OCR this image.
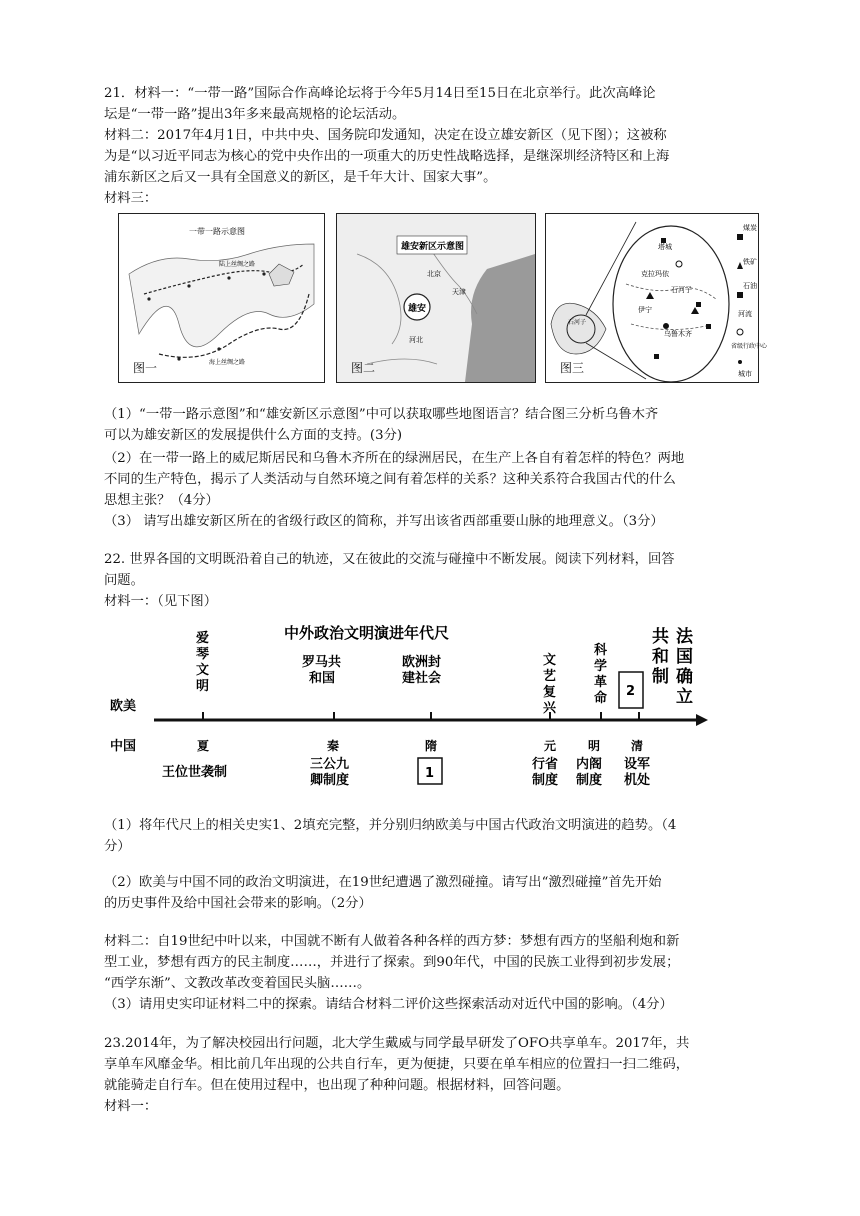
21．材料一：“一带一路”国际合作高峰论坛将于今年5月14日至15日在北京举行。此次高峰论
坛是“一带一路”提出3年多来最高规格的论坛活动。
材料二：2017年4月1日，中共中央、国务院印发通知，决定在设立雄安新区（见下图）；这被称
为是“以习近平同志为核心的党中央作出的一项重大的历史性战略选择，是继深圳经济特区和上海
浦东新区之后又一具有全国意义的新区，是千年大计、国家大事”。
材料三：
一带一路示意图
陆上丝绸之路
海上丝绸之路
图一
雄安新区示意图
雄安
北京
天津
河北
图二
塔城
克拉玛依
石河子
伊宁
乌鲁木齐
石河子
煤炭
铁矿
石油
河流
省级行政中心
城市
图三
（1）“一带一路示意图”和“雄安新区示意图”中可以获取哪些地图语言？结合图三分析乌鲁木齐
可以为雄安新区的发展提供什么方面的支持。(3分)
（2）在一带一路上的威尼斯居民和乌鲁木齐所在的绿洲居民，在生产上各自有着怎样的特色？两地
不同的生产特色，揭示了人类活动与自然环境之间有着怎样的关系？这种关系符合我国古代的什么
思想主张？（4分）
（3） 请写出雄安新区所在的省级行政区的简称，并写出该省西部重要山脉的地理意义。（3分）
22. 世界各国的文明既沿着自己的轨迹，又在彼此的交流与碰撞中不断发展。阅读下列材料，回答
问题。
材料一：（见下图）
中外政治文明演进年代尺
欧美
中国
爱琴文明
罗马共
和国
欧洲封
建社会
文艺复兴
科学革命 2
共和制
法国确立
夏	秦	隋	元	明	清
王位世袭制
三公九
卿制度	1
行省
制度
内阁
制度
设军
机处
（1）将年代尺上的相关史实1、2填充完整，并分别归纳欧美与中国古代政治文明演进的趋势。（4
分）
（2）欧美与中国不同的政治文明演进，在19世纪遭遇了激烈碰撞。请写出“激烈碰撞”首先开始
的历史事件及给中国社会带来的影响。（2分）
材料二：自19世纪中叶以来，中国就不断有人做着各种各样的西方梦：梦想有西方的坚船利炮和新
型工业，梦想有西方的民主制度……，并进行了探索。到90年代，中国的民族工业得到初步发展；
“西学东渐”、文教改革改变着国民头脑……。
（3）请用史实印证材料二中的探索。请结合材料二评价这些探索活动对近代中国的影响。（4分）
23.2014年，为了解决校园出行问题，北大学生戴威与同学最早研发了OFO共享单车。2017年，共
享单车风靡金华。相比前几年出现的公共自行车，更为便捷，只要在单车相应的位置扫一扫二维码，
就能骑走自行车。但在使用过程中，也出现了种种问题。根据材料，回答问题。
材料一：
